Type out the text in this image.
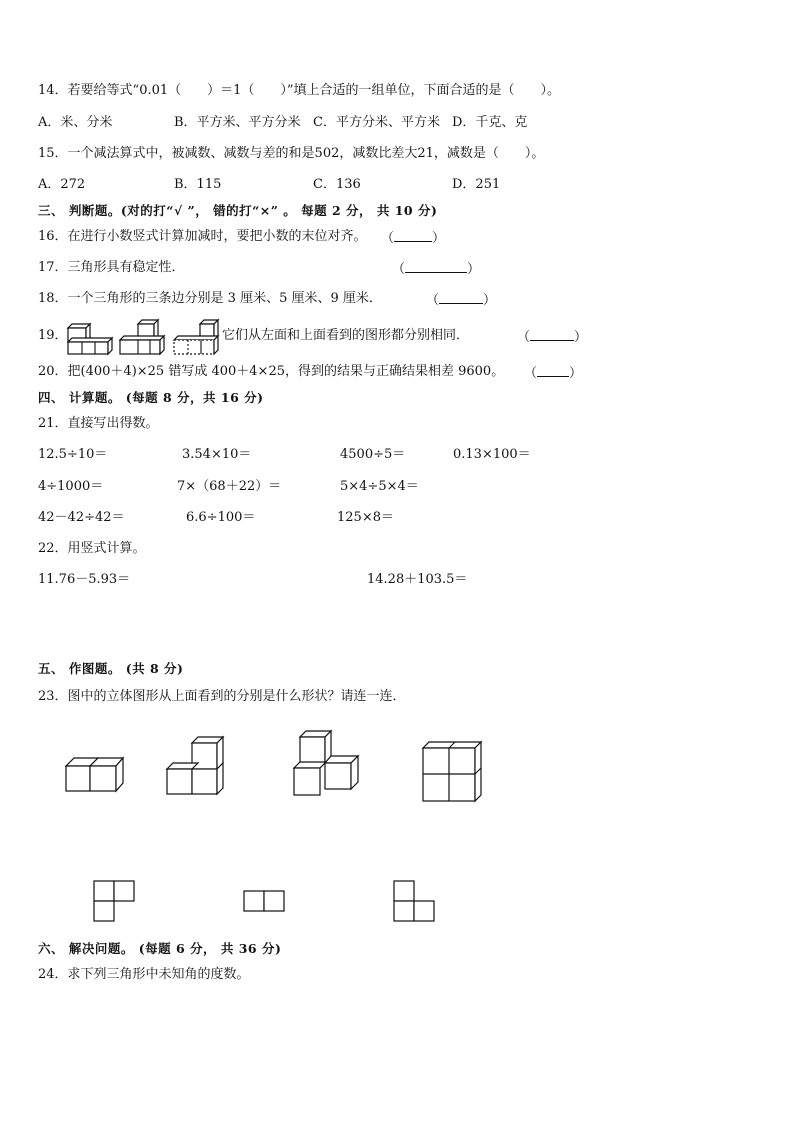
14．若要给等式“0.01（　　）＝1（　　）”填上合适的一组单位，下面合适的是（　　）。
A．米、分米	B．平方米、平方分米 C．平方分米、平方米 D．千克、克
15．一个减法算式中，被减数、减数与差的和是502，减数比差大21，减数是（　　）。
A．272	B．115	C．136	D．251
三、 判断题。(对的打“√ ”， 错的打“×” 。 每题 2 分， 共 10 分)
16．在进行小数竖式计算加减时，要把小数的末位对齐。 （	）
17．三角形具有稳定性．	（	）
18．一个三角形的三条边分别是 3 厘米、5 厘米、9 厘米．	（	）
19．	它们从左面和上面看到的图形都分别相同．	（	）
20．把(400＋4)×25 错写成 400＋4×25，得到的结果与正确结果相差 9600。 （ ）
四、 计算题。 (每题 8 分，共 16 分)
21．直接写出得数。
12.5÷10＝	3.54×10＝	4500÷5＝	0.13×100＝
4÷1000＝	7×（68＋22）＝	5×4÷5×4＝
42－42÷42＝	6.6÷100＝	125×8＝
22．用竖式计算。
11.76－5.93＝	14.28＋103.5＝
五、 作图题。 (共 8 分)
23．图中的立体图形从上面看到的分别是什么形状？请连一连．
六、 解决问题。 (每题 6 分， 共 36 分)
24．求下列三角形中未知角的度数。
